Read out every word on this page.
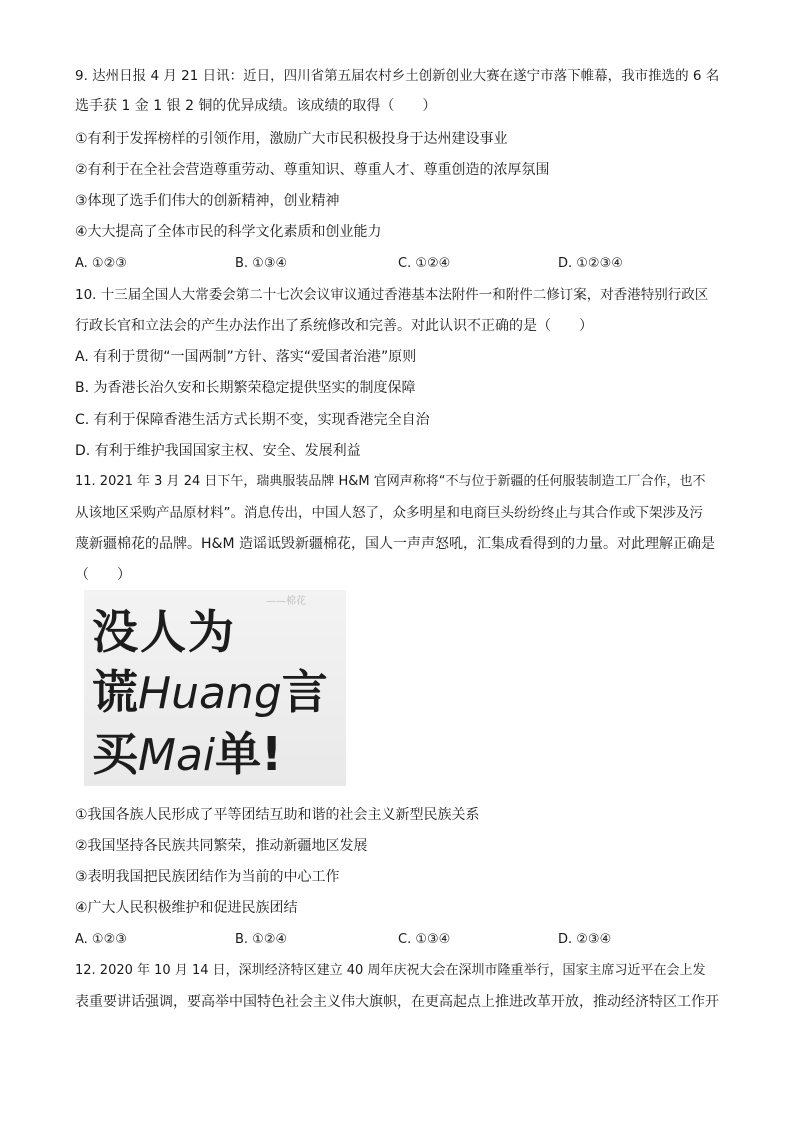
9. 达州日报 4 月 21 日讯：近日，四川省第五届农村乡土创新创业大赛在遂宁市落下帷幕，我市推选的 6 名
选手获 1 金 1 银 2 铜的优异成绩。该成绩的取得（　　）
①有利于发挥榜样的引领作用，激励广大市民积极投身于达州建设事业
②有利于在全社会营造尊重劳动、尊重知识、尊重人才、尊重创造的浓厚氛围
③体现了选手们伟大的创新精神，创业精神
④大大提高了全体市民的科学文化素质和创业能力
A. ①②③	B. ①③④	C. ①②④	D. ①②③④
10. 十三届全国人大常委会第二十七次会议审议通过香港基本法附件一和附件二修订案，对香港特别行政区
行政长官和立法会的产生办法作出了系统修改和完善。对此认识不正确的是（　　）
A. 有利于贯彻“一国两制”方针、落实“爱国者治港”原则
B. 为香港长治久安和长期繁荣稳定提供坚实的制度保障
C. 有利于保障香港生活方式长期不变，实现香港完全自治
D. 有利于维护我国国家主权、安全、发展利益
11. 2021 年 3 月 24 日下午，瑞典服装品牌 H&M 官网声称将“不与位于新疆的任何服装制造工厂合作，也不
从该地区采购产品原材料”。消息传出，中国人怒了，众多明星和电商巨头纷纷终止与其合作或下架涉及污
蔑新疆棉花的品牌。H&M 造谣诋毁新疆棉花，国人一声声怒吼，汇集成看得到的力量。对此理解正确是
（　　）
——棉花
没人为
谎Huang言
买Mai单!
①我国各族人民形成了平等团结互助和谐的社会主义新型民族关系
②我国坚持各民族共同繁荣，推动新疆地区发展
③表明我国把民族团结作为当前的中心工作
④广大人民积极维护和促进民族团结
A. ①②③	B. ①②④	C. ①③④	D. ②③④
12. 2020 年 10 月 14 日，深圳经济特区建立 40 周年庆祝大会在深圳市隆重举行，国家主席习近平在会上发
表重要讲话强调，要高举中国特色社会主义伟大旗帜，在更高起点上推进改革开放，推动经济特区工作开
